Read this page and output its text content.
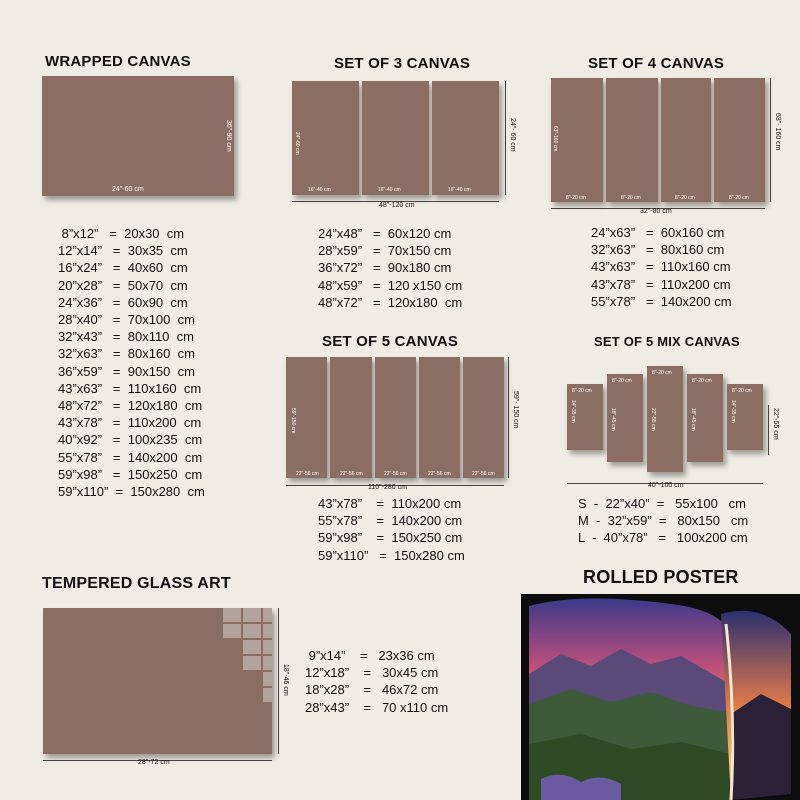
WRAPPED CANVAS
24"-60 cm
36"-90 cm
8”x12”   =  20x30  cm
12”x14”   =  30x35  cm
16”x24”   =  40x60  cm
20”x28”   =  50x70  cm
24”x36”   =  60x90  cm
28”x40”   =  70x100  cm
32”x43”   =  80x110  cm
32”x63”   =  80x160  cm
36”x59”   =  90x150  cm
43”x63”   =  110x160  cm
48”x72”   =  120x180  cm
43”x78”   =  110x200  cm
40”x92”   =  100x235  cm
55”x78”   =  140x200  cm
59”x98”   =  150x250  cm
59”x110”  =  150x280  cm
SET OF 3 CANVAS
24"-60 cm
16"-40 cm	16"-40 cm	16"-40 cm
48"-120 cm
24"- 60 cm
24”x48”   =  60x120 cm
28”x59”   =  70x150 cm
36”x72”   =  90x180 cm
48”x59”   =  120 x150 cm
48”x72”   =  120x180  cm
SET OF 4 CANVAS
63"-160 cm
8"-20 cm	8"-20 cm	8"-20 cm	8"-20 cm
32"-80 cm
63"- 160 cm
24”x63”   =  60x160 cm
32”x63”   =  80x160 cm
43”x63”   =  110x160 cm
43”x78”   =  110x200 cm
55”x78”   =  140x200 cm
SET OF 5 CANVAS
59"-150 cm
22"-56 cm	22"-56 cm	22"-56 cm	22"-56 cm	22"-56 cm
110"-280 cm
59"- 150 cm
43”x78”    =  110x200 cm
55”x78”    =  140x200 cm
59”x98”    =  150x250 cm
59”x110”   =  150x280 cm
SET OF 5 MIX CANVAS
8"-20 cm
8"-20 cm
8"-20 cm
8"-20 cm
8"-20 cm
14"-35 cm	18"-45 cm	22"-55 cm	18"-45 cm	14"-35 cm
40"-100 cm
22"-55 cm
S  -  22”x40”  =   55x100   cm
M  -  32”x59”  =   80x150   cm
L  -  40”x78”   =   100x200 cm
TEMPERED GLASS ART
28"-72 cm
18"-46 cm
9”x14”    =   23x36 cm
12”x18”    =   30x45 cm
18”x28”    =   46x72 cm
28”x43”    =   70 x110 cm
ROLLED POSTER
